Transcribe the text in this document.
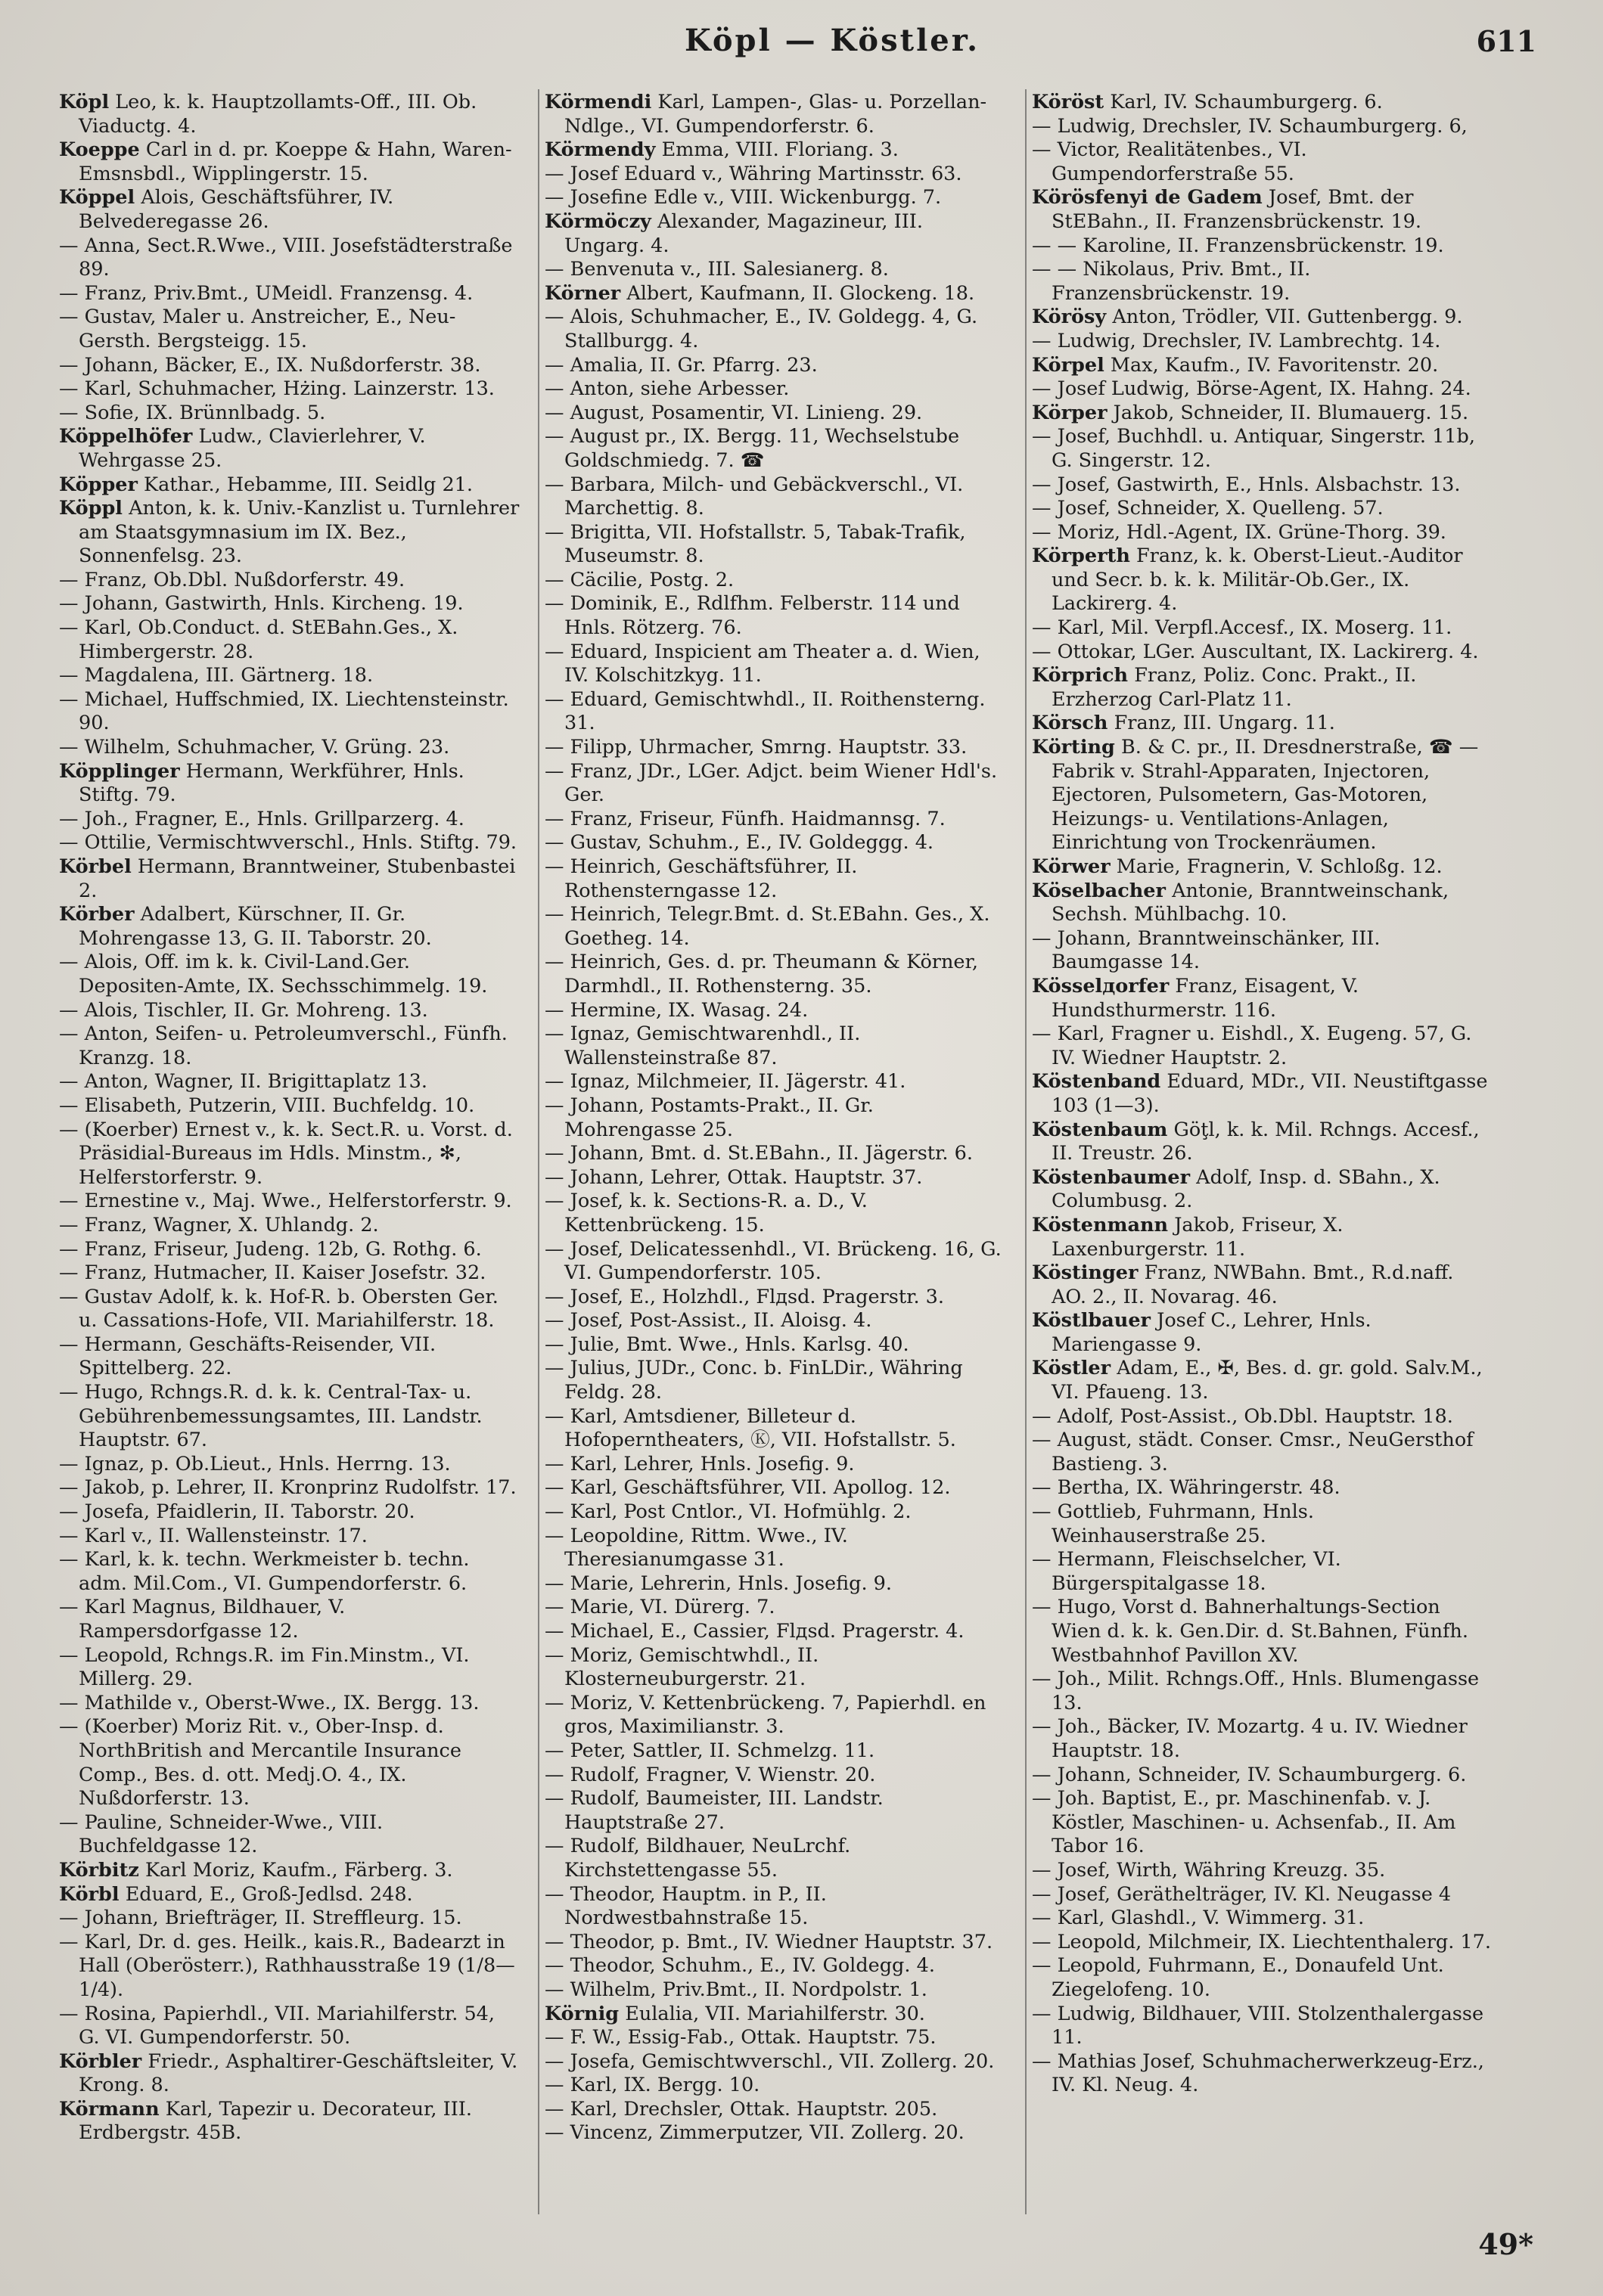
Köpl — Köstler.	611

Köpl Leo, k. k. Hauptzollamts-Off., III. Ob. Viaductg. 4.

Koeppe Carl in d. pr. Koeppe & Hahn, Waren-Emsnsbdl., Wipplingerstr. 15.

Köppel Alois, Geschäftsführer, IV. Belvederegasse 26.

— Anna, Sect.R.Wwe., VIII. Josefstädterstraße 89.

— Franz, Priv.Bmt., UMeidl. Franzensg. 4.

— Gustav, Maler u. Anstreicher, E., Neu-Gersth. Bergsteigg. 15.

— Johann, Bäcker, E., IX. Nußdorferstr. 38.

— Karl, Schuhmacher, Hżing. Lainzerstr. 13.

— Sofie, IX. Brünnlbadg. 5.

Köppelhöfer Ludw., Clavierlehrer, V. Wehrgasse 25.

Köpper Kathar., Hebamme, III. Seidlg 21.

Köppl Anton, k. k. Univ.-Kanzlist u. Turnlehrer am Staatsgymnasium im IX. Bez., Sonnenfelsg. 23.

— Franz, Ob.Dbl. Nußdorferstr. 49.

— Johann, Gastwirth, Hnls. Kircheng. 19.

— Karl, Ob.Conduct. d. StEBahn.Ges., X. Himbergerstr. 28.

— Magdalena, III. Gärtnerg. 18.

— Michael, Huffschmied, IX. Liechtensteinstr. 90.

— Wilhelm, Schuhmacher, V. Grüng. 23.

Köpplinger Hermann, Werkführer, Hnls. Stiftg. 79.

— Joh., Fragner, E., Hnls. Grillparzerg. 4.

— Ottilie, Vermischtwverschl., Hnls. Stiftg. 79.

Körbel Hermann, Branntweiner, Stubenbastei 2.

Körber Adalbert, Kürschner, II. Gr. Mohrengasse 13, G. II. Taborstr. 20.

— Alois, Off. im k. k. Civil-Land.Ger. Depositen-Amte, IX. Sechsschimmelg. 19.

— Alois, Tischler, II. Gr. Mohreng. 13.

— Anton, Seifen- u. Petroleumverschl., Fünfh. Kranzg. 18.

— Anton, Wagner, II. Brigittaplatz 13.

— Elisabeth, Putzerin, VIII. Buchfeldg. 10.

— (Koerber) Ernest v., k. k. Sect.R. u. Vorst. d. Präsidial-Bureaus im Hdls. Minstm., ✻, Helferstorferstr. 9.

— Ernestine v., Maj. Wwe., Helferstorferstr. 9.

— Franz, Wagner, X. Uhlandg. 2.

— Franz, Friseur, Judeng. 12b, G. Rothg. 6.

— Franz, Hutmacher, II. Kaiser Josefstr. 32.

— Gustav Adolf, k. k. Hof-R. b. Obersten Ger. u. Cassations-Hofe, VII. Mariahilferstr. 18.

— Hermann, Geschäfts-Reisender, VII. Spittelberg. 22.

— Hugo, Rchngs.R. d. k. k. Central-Tax- u. Gebührenbemessungsamtes, III. Landstr. Hauptstr. 67.

— Ignaz, p. Ob.Lieut., Hnls. Herrng. 13.

— Jakob, p. Lehrer, II. Kronprinz Rudolfstr. 17.

— Josefa, Pfaidlerin, II. Taborstr. 20.

— Karl v., II. Wallensteinstr. 17.

— Karl, k. k. techn. Werkmeister b. techn. adm. Mil.Com., VI. Gumpendorferstr. 6.

— Karl Magnus, Bildhauer, V. Rampersdorfgasse 12.

— Leopold, Rchngs.R. im Fin.Minstm., VI. Millerg. 29.

— Mathilde v., Oberst-Wwe., IX. Bergg. 13.

— (Koerber) Moriz Rit. v., Ober-Insp. d. NorthBritish and Mercantile Insurance Comp., Bes. d. ott. Medj.O. 4., IX. Nußdorferstr. 13.

— Pauline, Schneider-Wwe., VIII. Buchfeldgasse 12.

Körbitz Karl Moriz, Kaufm., Färberg. 3.

Körbl Eduard, E., Groß-Jedlsd. 248.

— Johann, Briefträger, II. Streffleurg. 15.

— Karl, Dr. d. ges. Heilk., kais.R., Badearzt in Hall (Oberösterr.), Rathhausstraße 19 (1/8—1/4).

— Rosina, Papierhdl., VII. Mariahilferstr. 54, G. VI. Gumpendorferstr. 50.

Körbler Friedr., Asphaltirer-Geschäftsleiter, V. Krong. 8.

Körmann Karl, Tapezir u. Decorateur, III. Erdbergstr. 45B.

Körmendi Karl, Lampen-, Glas- u. Porzellan-Ndlge., VI. Gumpendorferstr. 6.

Körmendy Emma, VIII. Floriang. 3.

— Josef Eduard v., Währing Martinsstr. 63.

— Josefine Edle v., VIII. Wickenburgg. 7.

Körmöczy Alexander, Magazineur, III. Ungarg. 4.

— Benvenuta v., III. Salesianerg. 8.

Körner Albert, Kaufmann, II. Glockeng. 18.

— Alois, Schuhmacher, E., IV. Goldegg. 4, G. Stallburgg. 4.

— Amalia, II. Gr. Pfarrg. 23.

— Anton, siehe Arbesser.

— August, Posamentir, VI. Linieng. 29.

— August pr., IX. Bergg. 11, Wechselstube Goldschmiedg. 7. ☎

— Barbara, Milch- und Gebäckverschl., VI. Marchettig. 8.

— Brigitta, VII. Hofstallstr. 5, Tabak-Trafik, Museumstr. 8.

— Cäcilie, Postg. 2.

— Dominik, E., Rdlfhm. Felberstr. 114 und Hnls. Rötzerg. 76.

— Eduard, Inspicient am Theater a. d. Wien, IV. Kolschitzkyg. 11.

— Eduard, Gemischtwhdl., II. Roithensterng. 31.

— Filipp, Uhrmacher, Smrng. Hauptstr. 33.

— Franz, JDr., LGer. Adjct. beim Wiener Hdl's. Ger.

— Franz, Friseur, Fünfh. Haidmannsg. 7.

— Gustav, Schuhm., E., IV. Goldeggg. 4.

— Heinrich, Geschäftsführer, II. Rothensterngasse 12.

— Heinrich, Telegr.Bmt. d. St.EBahn. Ges., X. Goetheg. 14.

— Heinrich, Ges. d. pr. Theumann & Körner, Darmhdl., II. Rothensterng. 35.

— Hermine, IX. Wasag. 24.

— Ignaz, Gemischtwarenhdl., II. Wallensteinstraße 87.

— Ignaz, Milchmeier, II. Jägerstr. 41.

— Johann, Postamts-Prakt., II. Gr. Mohrengasse 25.

— Johann, Bmt. d. St.EBahn., II. Jägerstr. 6.

— Johann, Lehrer, Ottak. Hauptstr. 37.

— Josef, k. k. Sections-R. a. D., V. Kettenbrückeng. 15.

— Josef, Delicatessenhdl., VI. Brückeng. 16, G. VI. Gumpendorferstr. 105.

— Josef, E., Holzhdl., Flдsd. Pragerstr. 3.

— Josef, Post-Assist., II. Aloisg. 4.

— Julie, Bmt. Wwe., Hnls. Karlsg. 40.

— Julius, JUDr., Conc. b. FinLDir., Währing Feldg. 28.

— Karl, Amtsdiener, Billeteur d. Hofoperntheaters, Ⓚ, VII. Hofstallstr. 5.

— Karl, Lehrer, Hnls. Josefig. 9.

— Karl, Geschäftsführer, VII. Apollog. 12.

— Karl, Post Cntlor., VI. Hofmühlg. 2.

— Leopoldine, Rittm. Wwe., IV. Theresianumgasse 31.

— Marie, Lehrerin, Hnls. Josefig. 9.

— Marie, VI. Dürerg. 7.

— Michael, E., Cassier, Flдsd. Pragerstr. 4.

— Moriz, Gemischtwhdl., II. Klosterneuburgerstr. 21.

— Moriz, V. Kettenbrückeng. 7, Papierhdl. en gros, Maximilianstr. 3.

— Peter, Sattler, II. Schmelzg. 11.

— Rudolf, Fragner, V. Wienstr. 20.

— Rudolf, Baumeister, III. Landstr. Hauptstraße 27.

— Rudolf, Bildhauer, NeuLrchf. Kirchstettengasse 55.

— Theodor, Hauptm. in P., II. Nordwestbahnstraße 15.

— Theodor, p. Bmt., IV. Wiedner Hauptstr. 37.

— Theodor, Schuhm., E., IV. Goldegg. 4.

— Wilhelm, Priv.Bmt., II. Nordpolstr. 1.

Körnig Eulalia, VII. Mariahilferstr. 30.

— F. W., Essig-Fab., Ottak. Hauptstr. 75.

— Josefa, Gemischtwverschl., VII. Zollerg. 20.

— Karl, IX. Bergg. 10.

— Karl, Drechsler, Ottak. Hauptstr. 205.

— Vincenz, Zimmerputzer, VII. Zollerg. 20.

Köröst Karl, IV. Schaumburgerg. 6.

— Ludwig, Drechsler, IV. Schaumburgerg. 6,

— Victor, Realitätenbes., VI. Gumpendorferstraße 55.

Körösfenyi de Gadem Josef, Bmt. der StEBahn., II. Franzensbrückenstr. 19.

— — Karoline, II. Franzensbrückenstr. 19.

— — Nikolaus, Priv. Bmt., II. Franzensbrückenstr. 19.

Körösy Anton, Trödler, VII. Guttenbergg. 9.

— Ludwig, Drechsler, IV. Lambrechtg. 14.

Körpel Max, Kaufm., IV. Favoritenstr. 20.

— Josef Ludwig, Börse-Agent, IX. Hahng. 24.

Körper Jakob, Schneider, II. Blumauerg. 15.

— Josef, Buchhdl. u. Antiquar, Singerstr. 11b, G. Singerstr. 12.

— Josef, Gastwirth, E., Hnls. Alsbachstr. 13.

— Josef, Schneider, X. Quelleng. 57.

— Moriz, Hdl.-Agent, IX. Grüne-Thorg. 39.

Körperth Franz, k. k. Oberst-Lieut.-Auditor und Secr. b. k. k. Militär-Ob.Ger., IX. Lackirerg. 4.

— Karl, Mil. Verpfl.Accesf., IX. Moserg. 11.

— Ottokar, LGer. Auscultant, IX. Lackirerg. 4.

Körprich Franz, Poliz. Conc. Prakt., II. Erzherzog Carl-Platz 11.

Körsch Franz, III. Ungarg. 11.

Körting B. & C. pr., II. Dresdnerstraße, ☎ —Fabrik v. Strahl-Apparaten, Injectoren, Ejectoren, Pulsometern, Gas-Motoren, Heizungs- u. Ventilations-Anlagen, Einrichtung von Trockenräumen.

Körwer Marie, Fragnerin, V. Schloßg. 12.

Köselbacher Antonie, Branntweinschank, Sechsh. Mühlbachg. 10.

— Johann, Branntweinschänker, III. Baumgasse 14.

Kösselдorfer Franz, Eisagent, V. Hundsthurmerstr. 116.

— Karl, Fragner u. Eishdl., X. Eugeng. 57, G. IV. Wiedner Hauptstr. 2.

Köstenband Eduard, MDr., VII. Neustiftgasse 103 (1—3).

Köstenbaum Göţl, k. k. Mil. Rchngs. Accesf., II. Treustr. 26.

Köstenbaumer Adolf, Insp. d. SBahn., X. Columbusg. 2.

Köstenmann Jakob, Friseur, X. Laxenburgerstr. 11.

Köstinger Franz, NWBahn. Bmt., R.d.naff. AO. 2., II. Novarag. 46.

Köstlbauer Josef C., Lehrer, Hnls. Mariengasse 9.

Köstler Adam, E., ✠, Bes. d. gr. gold. Salv.M., VI. Pfaueng. 13.

— Adolf, Post-Assist., Ob.Dbl. Hauptstr. 18.

— August, städt. Conser. Cmsr., NeuGersthof Bastieng. 3.

— Bertha, IX. Währingerstr. 48.

— Gottlieb, Fuhrmann, Hnls. Weinhauserstraße 25.

— Hermann, Fleischselcher, VI. Bürgerspitalgasse 18.

— Hugo, Vorst d. Bahnerhaltungs-Section Wien d. k. k. Gen.Dir. d. St.Bahnen, Fünfh. Westbahnhof Pavillon XV.

— Joh., Milit. Rchngs.Off., Hnls. Blumengasse 13.

— Joh., Bäcker, IV. Mozartg. 4 u. IV. Wiedner Hauptstr. 18.

— Johann, Schneider, IV. Schaumburgerg. 6.

— Joh. Baptist, E., pr. Maschinenfab. v. J. Köstler, Maschinen- u. Achsenfab., II. Am Tabor 16.

— Josef, Wirth, Währing Kreuzg. 35.

— Josef, Geräthelträger, IV. Kl. Neugasse 4

— Karl, Glashdl., V. Wimmerg. 31.

— Leopold, Milchmeir, IX. Liechtenthalerg. 17.

— Leopold, Fuhrmann, E., Donaufeld Unt. Ziegelofeng. 10.

— Ludwig, Bildhauer, VIII. Stolzenthalergasse 11.

— Mathias Josef, Schuhmacherwerkzeug-Erz., IV. Kl. Neug. 4.

49*
